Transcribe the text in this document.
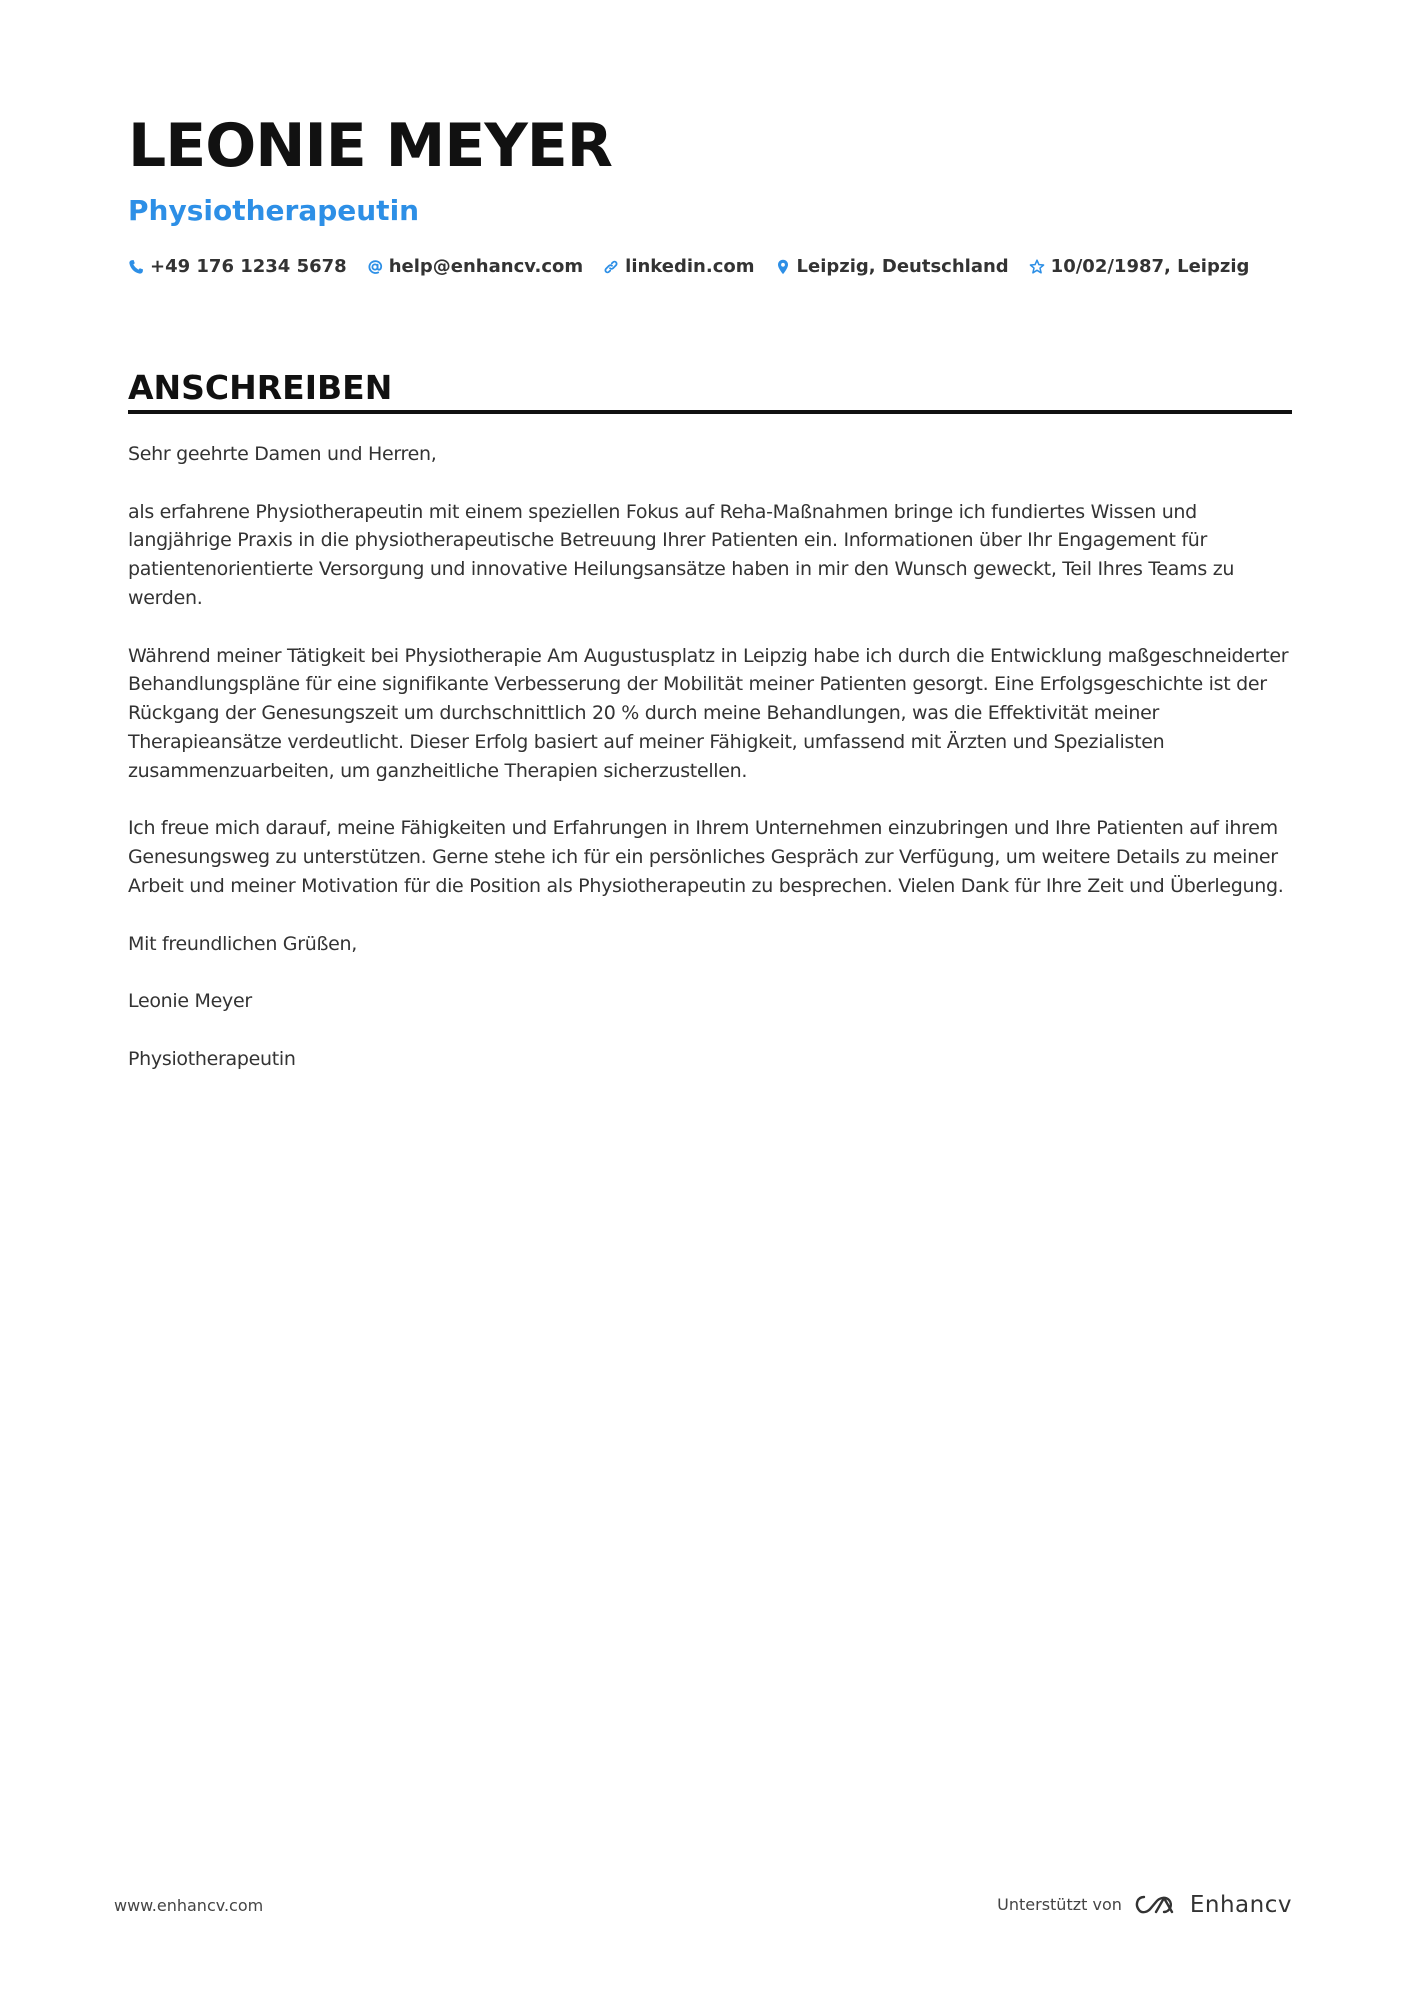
LEONIE MEYER
Physiotherapeutin
+49 176 1234 5678 help@enhancv.com linkedin.com Leipzig, Deutschland 10/02/1987, Leipzig
ANSCHREIBEN

Sehr geehrte Damen und Herren,

als erfahrene Physiotherapeutin mit einem speziellen Fokus auf Reha-Maßnahmen bringe ich fundiertes Wissen und langjährige Praxis in die physiotherapeutische Betreuung Ihrer Patienten ein. Informationen über Ihr Engagement für patientenorientierte Versorgung und innovative Heilungsansätze haben in mir den Wunsch geweckt, Teil Ihres Teams zu werden.

Während meiner Tätigkeit bei Physiotherapie Am Augustusplatz in Leipzig habe ich durch die Entwicklung maßgeschneiderter Behandlungspläne für eine signifikante Verbesserung der Mobilität meiner Patienten gesorgt. Eine Erfolgsgeschichte ist der Rückgang der Genesungszeit um durchschnittlich 20 % durch meine Behandlungen, was die Effektivität meiner Therapieansätze verdeutlicht. Dieser Erfolg basiert auf meiner Fähigkeit, umfassend mit Ärzten und Spezialisten zusammenzuarbeiten, um ganzheitliche Therapien sicherzustellen.

Ich freue mich darauf, meine Fähigkeiten und Erfahrungen in Ihrem Unternehmen einzubringen und Ihre Patienten auf ihrem Genesungsweg zu unterstützen. Gerne stehe ich für ein persönliches Gespräch zur Verfügung, um weitere Details zu meiner Arbeit und meiner Motivation für die Position als Physiotherapeutin zu besprechen. Vielen Dank für Ihre Zeit und Überlegung.

Mit freundlichen Grüßen,

Leonie Meyer

Physiotherapeutin

www.enhancv.com	Unterstützt von	Enhancv
